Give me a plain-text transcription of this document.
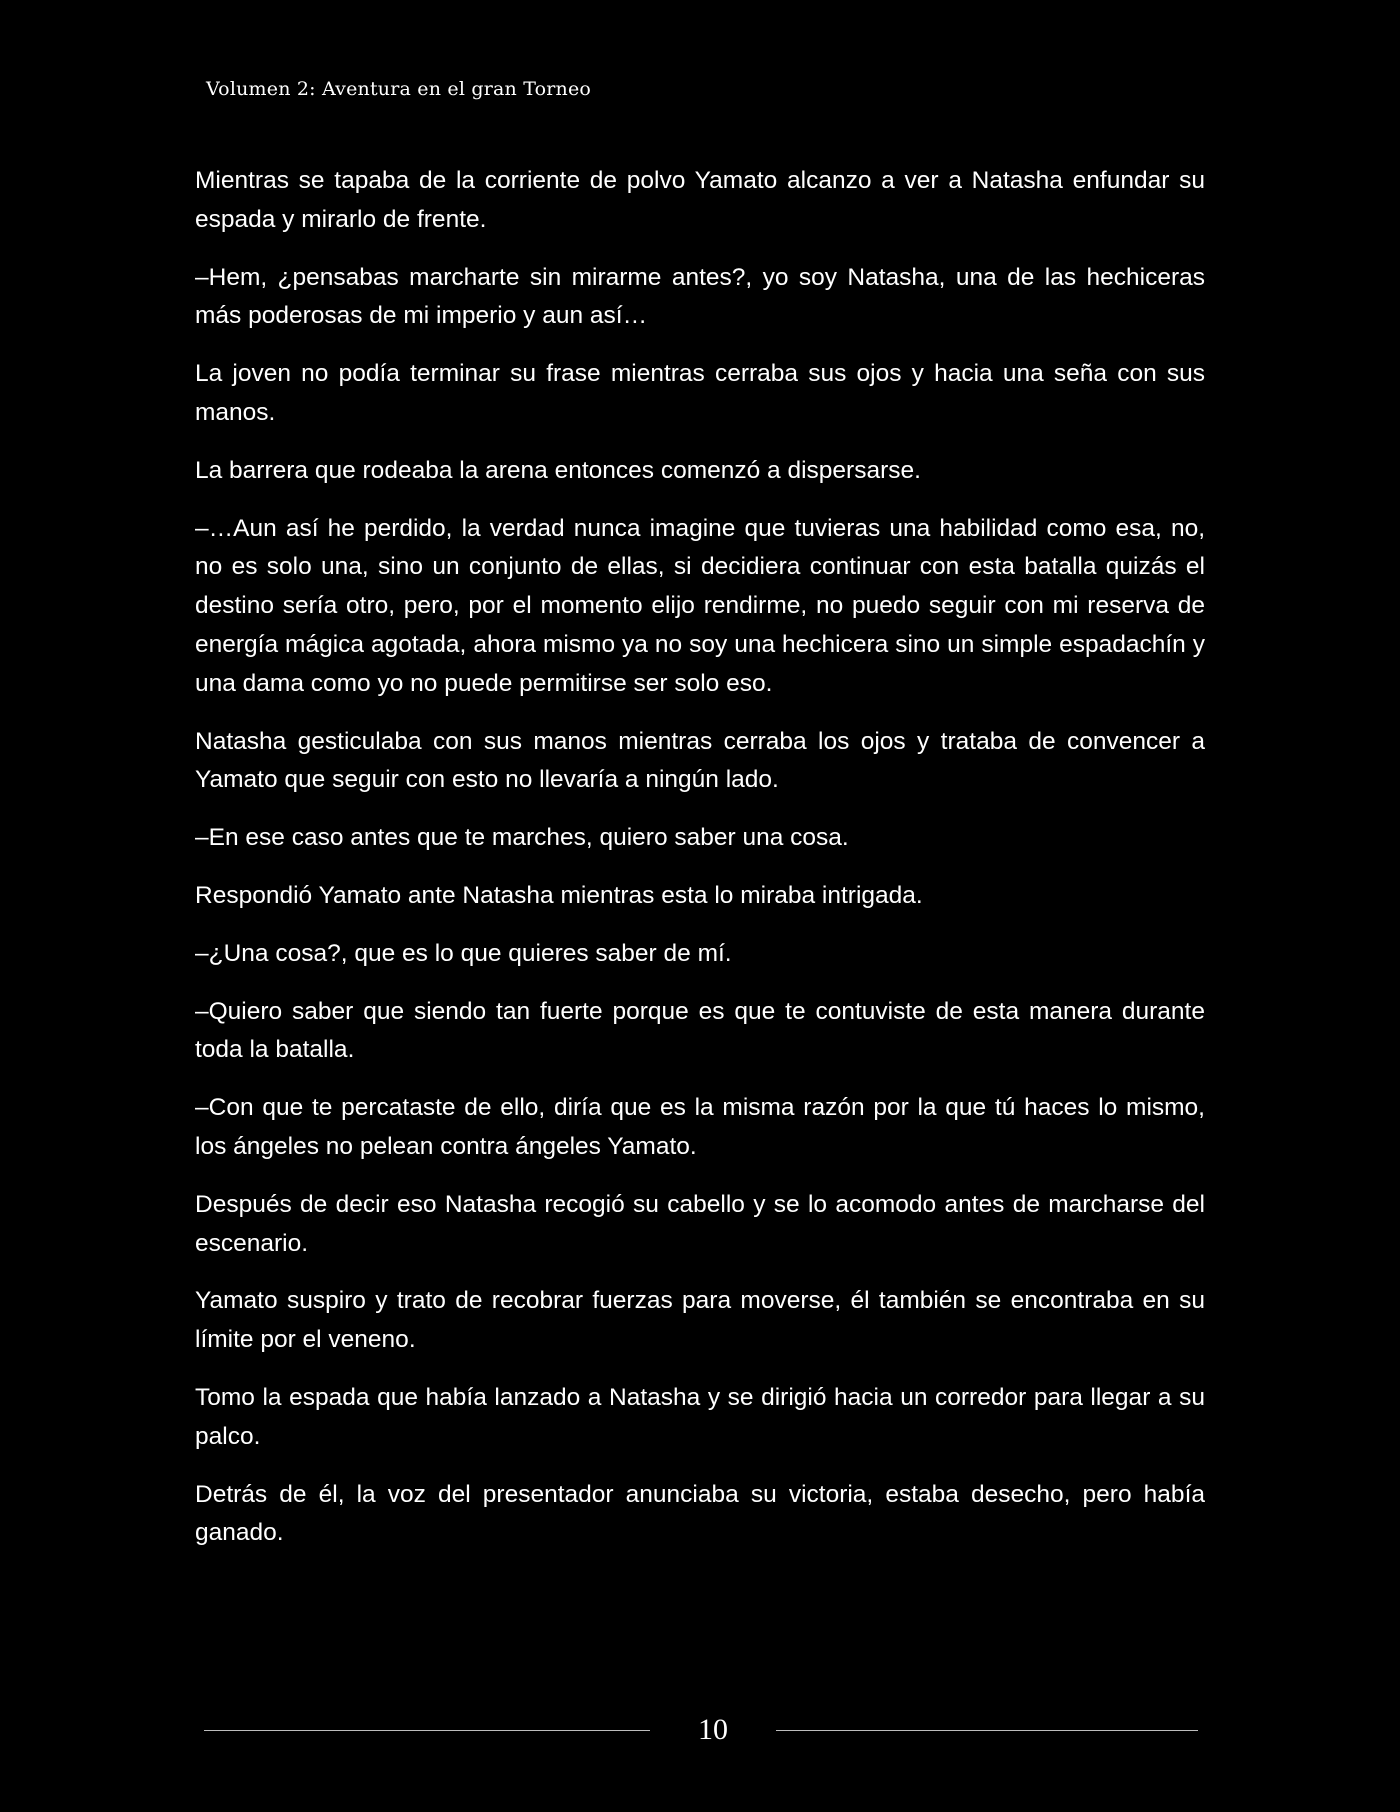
Volumen 2: Aventura en el gran Torneo

Mientras se tapaba de la corriente de polvo Yamato alcanzo a ver a Natasha enfundar su espada y mirarlo de frente.

–Hem, ¿pensabas marcharte sin mirarme antes?, yo soy Natasha, una de las hechiceras más poderosas de mi imperio y aun así…

La joven no podía terminar su frase mientras cerraba sus ojos y hacia una seña con sus manos.

La barrera que rodeaba la arena entonces comenzó a dispersarse.

–…Aun así he perdido, la verdad nunca imagine que tuvieras una habilidad como esa, no, no es solo una, sino un conjunto de ellas, si decidiera continuar con esta batalla quizás el destino sería otro, pero, por el momento elijo rendirme, no puedo seguir con mi reserva de energía mágica agotada, ahora mismo ya no soy una hechicera sino un simple espadachín y una dama como yo no puede permitirse ser solo eso.

Natasha gesticulaba con sus manos mientras cerraba los ojos y trataba de convencer a Yamato que seguir con esto no llevaría a ningún lado.

–En ese caso antes que te marches, quiero saber una cosa.

Respondió Yamato ante Natasha mientras esta lo miraba intrigada.

–¿Una cosa?, que es lo que quieres saber de mí.

–Quiero saber que siendo tan fuerte porque es que te contuviste de esta manera durante toda la batalla.

–Con que te percataste de ello, diría que es la misma razón por la que tú haces lo mismo, los ángeles no pelean contra ángeles Yamato.

Después de decir eso Natasha recogió su cabello y se lo acomodo antes de marcharse del escenario.

Yamato suspiro y trato de recobrar fuerzas para moverse, él también se encontraba en su límite por el veneno.

Tomo la espada que había lanzado a Natasha y se dirigió hacia un corredor para llegar a su palco.

Detrás de él, la voz del presentador anunciaba su victoria, estaba desecho, pero había ganado.

10
